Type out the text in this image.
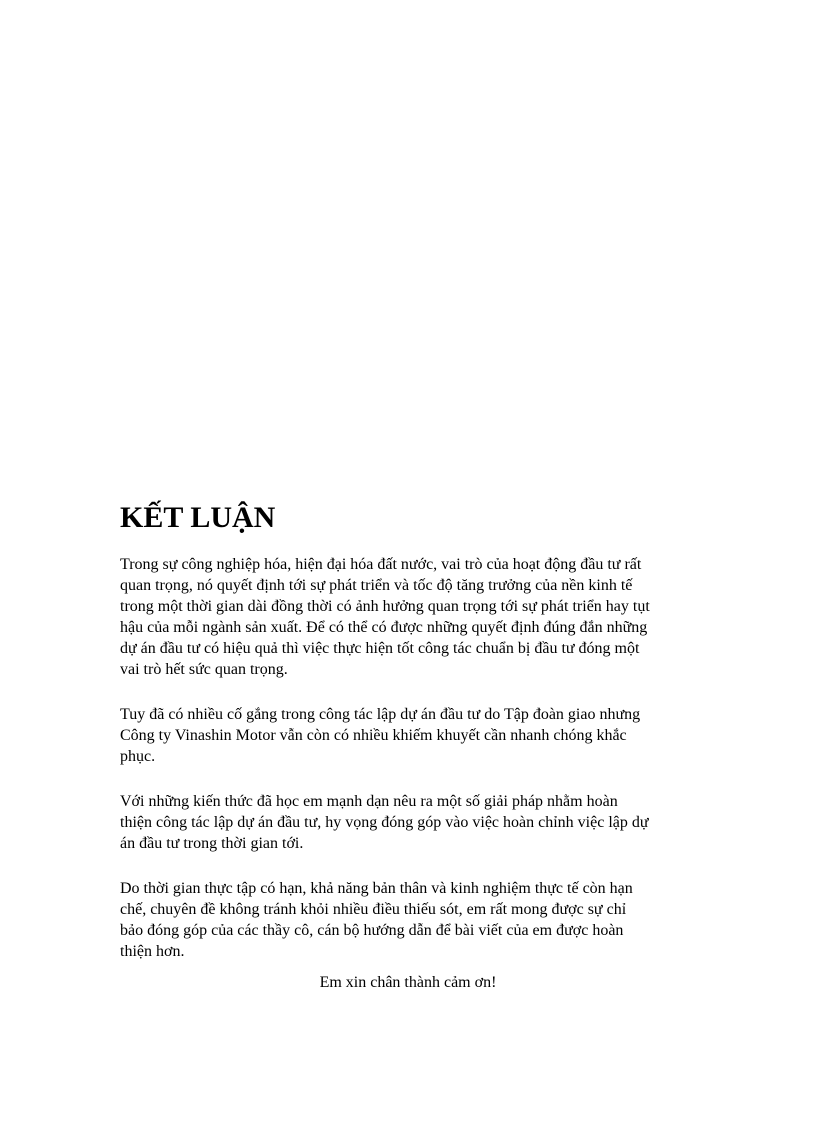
KẾT LUẬN

Trong sự công nghiệp hóa, hiện đại hóa đất nước, vai trò của hoạt động đầu tư rất
quan trọng, nó quyết định tới sự phát triển và tốc độ tăng trưởng của nền kinh tế
trong một thời gian dài đồng thời có ảnh hưởng quan trọng tới sự phát triển hay tụt
hậu của mỗi ngành sản xuất. Để có thể có được những quyết định đúng đắn những
dự án đầu tư có hiệu quả thì việc thực hiện tốt công tác chuẩn bị đầu tư đóng một
vai trò hết sức quan trọng.

Tuy đã có nhiều cố gắng trong công tác lập dự án đầu tư do Tập đoàn giao nhưng
Công ty Vinashin Motor vẫn còn có nhiều khiếm khuyết cần nhanh chóng khắc
phục.

Với những kiến thức đã học em mạnh dạn nêu ra một số giải pháp nhằm hoàn
thiện công tác lập dự án đầu tư, hy vọng đóng góp vào việc hoàn chỉnh việc lập dự
án đầu tư trong thời gian tới.

Do thời gian thực tập có hạn, khả năng bản thân và kinh nghiệm thực tế còn hạn
chế, chuyên đề không tránh khỏi nhiều điều thiếu sót, em rất mong được sự chỉ
bảo đóng góp của các thầy cô, cán bộ hướng dẫn để bài viết của em được hoàn
thiện hơn.

Em xin chân thành cảm ơn!
